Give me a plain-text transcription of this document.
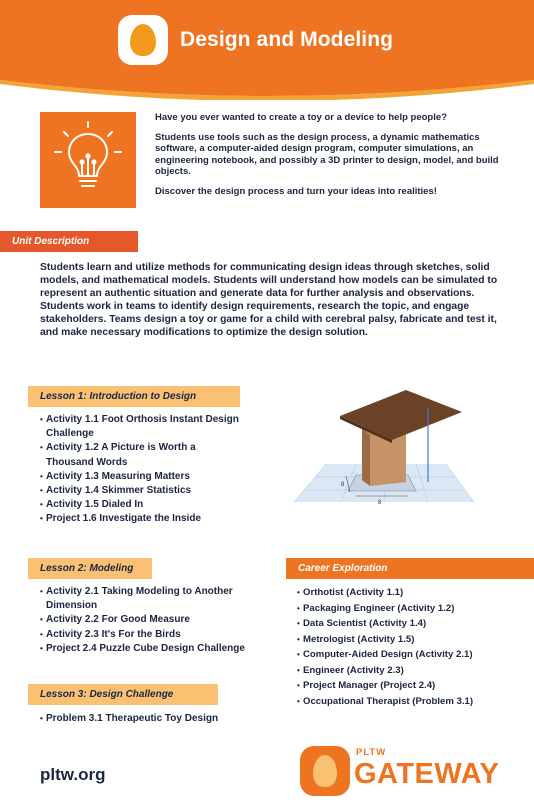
Design and Modeling

Have you ever wanted to create a toy or a device to help people?

Students use tools such as the design process, a dynamic mathematics software, a computer-aided design program, computer simulations, an engineering notebook, and possibly a 3D printer to design, model, and build objects.

Discover the design process and turn your ideas into realities!

Unit Description
Students learn and utilize methods for communicating design ideas through sketches, solid models, and mathematical models. Students will understand how models can be simulated to represent an authentic situation and generate data for further analysis and observations. Students work in teams to identify design requirements, research the topic, and engage stakeholders. Teams design a toy or game for a child with cerebral palsy, fabricate and test it, and make necessary modifications to optimize the design solution.
Lesson 1: Introduction to Design
• Activity 1.1 Foot Orthosis Instant Design Challenge
• Activity 1.2 A Picture is Worth a Thousand Words
• Activity 1.3 Measuring Matters
• Activity 1.4 Skimmer Statistics
• Activity 1.5 Dialed In
• Project 1.6 Investigate the Inside
8
8
Lesson 2: Modeling
• Activity 2.1 Taking Modeling to Another Dimension
• Activity 2.2 For Good Measure
• Activity 2.3 It's For the Birds
• Project 2.4 Puzzle Cube Design Challenge
Career Exploration
• Orthotist (Activity 1.1)
• Packaging Engineer (Activity 1.2)
• Data Scientist (Activity 1.4)
• Metrologist (Activity 1.5)
• Computer-Aided Design (Activity 2.1)
• Engineer (Activity 2.3)
• Project Manager (Project 2.4)
• Occupational Therapist (Problem 3.1)
Lesson 3: Design Challenge
• Problem 3.1 Therapeutic Toy Design
pltw.org
PLTW
GATEWAY
